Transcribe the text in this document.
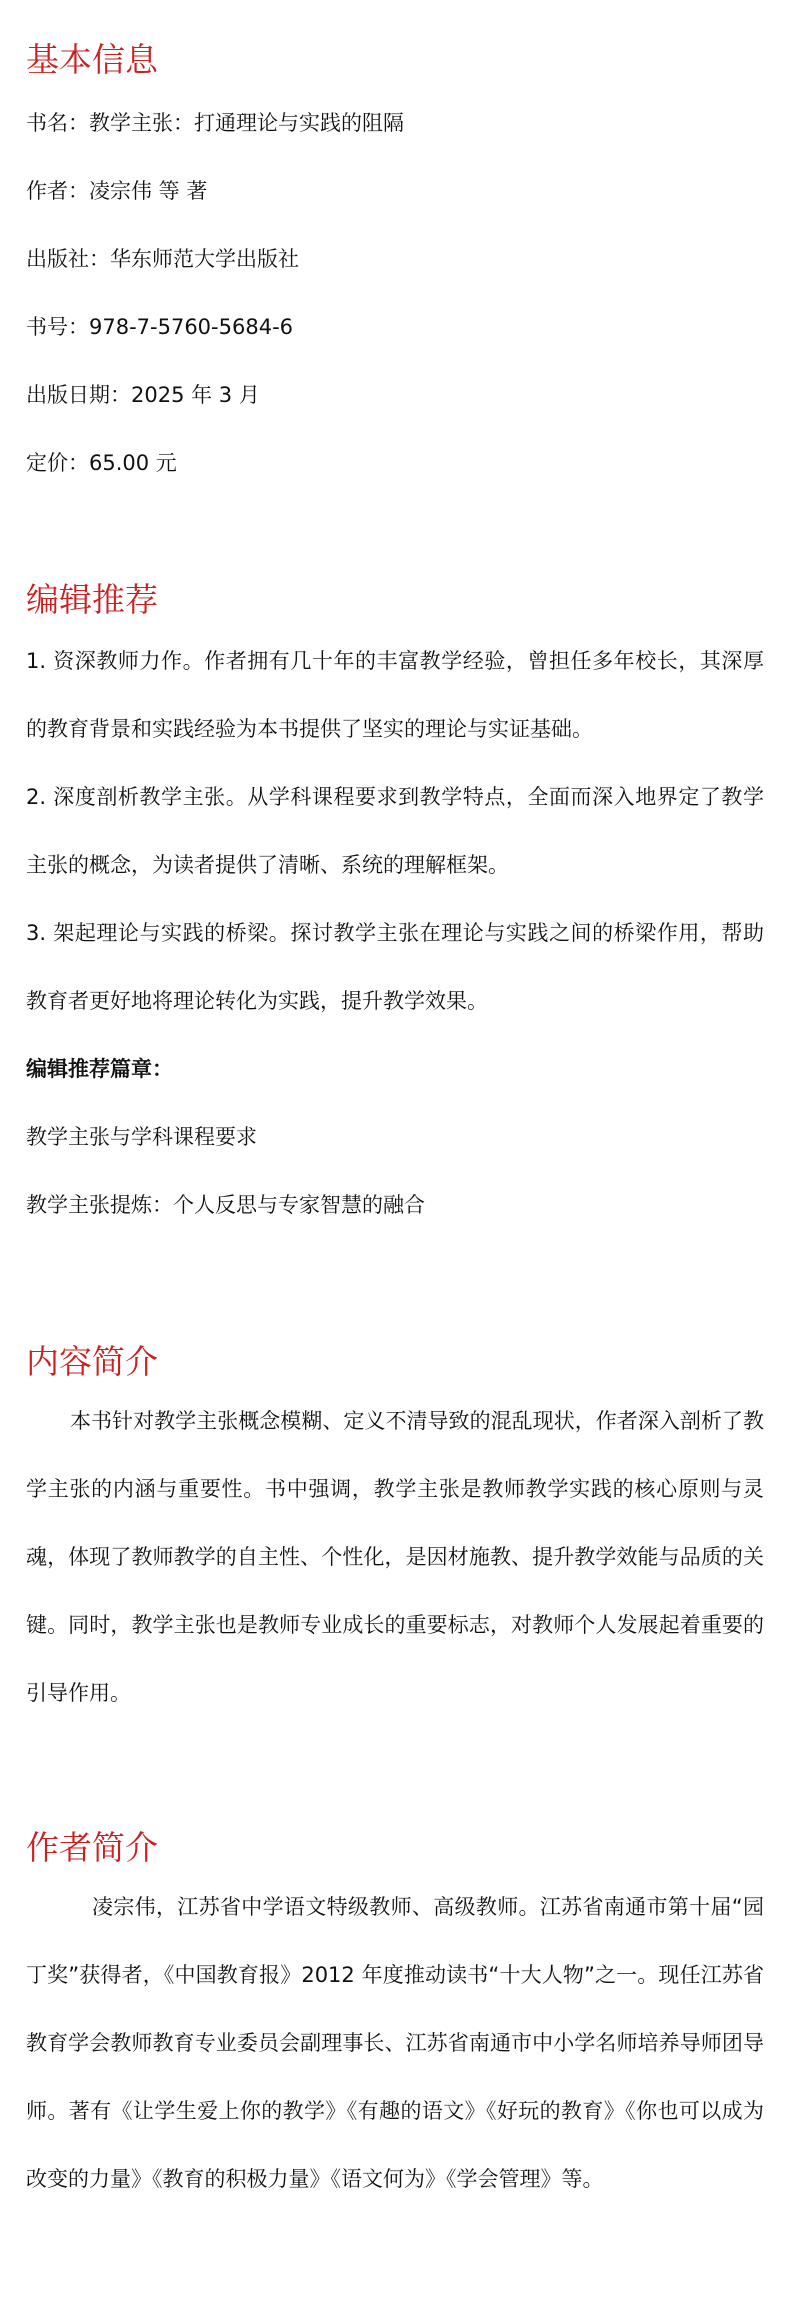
基本信息

书名：教学主张：打通理论与实践的阻隔

作者：凌宗伟 等 著

出版社：华东师范大学出版社

书号：978-7-5760-5684-6

出版日期：2025 年 3 月

定价：65.00 元

编辑推荐

1. 资深教师力作。作者拥有几十年的丰富教学经验，曾担任多年校长，其深厚的教育背景和实践经验为本书提供了坚实的理论与实证基础。

2. 深度剖析教学主张。从学科课程要求到教学特点，全面而深入地界定了教学主张的概念，为读者提供了清晰、系统的理解框架。

3. 架起理论与实践的桥梁。探讨教学主张在理论与实践之间的桥梁作用，帮助教育者更好地将理论转化为实践，提升教学效果。

编辑推荐篇章：

教学主张与学科课程要求

教学主张提炼：个人反思与专家智慧的融合

内容简介

本书针对教学主张概念模糊、定义不清导致的混乱现状，作者深入剖析了教学主张的内涵与重要性。书中强调，教学主张是教师教学实践的核心原则与灵魂，体现了教师教学的自主性、个性化，是因材施教、提升教学效能与品质的关键。同时，教学主张也是教师专业成长的重要标志，对教师个人发展起着重要的引导作用。

作者简介

凌宗伟，江苏省中学语文特级教师、高级教师。江苏省南通市第十届“园丁奖”获得者，《中国教育报》2012 年度推动读书“十大人物”之一。现任江苏省教育学会教师教育专业委员会副理事长、江苏省南通市中小学名师培养导师团导师。著有《让学生爱上你的教学》《有趣的语文》《好玩的教育》《你也可以成为改变的力量》《教育的积极力量》《语文何为》《学会管理》等。
